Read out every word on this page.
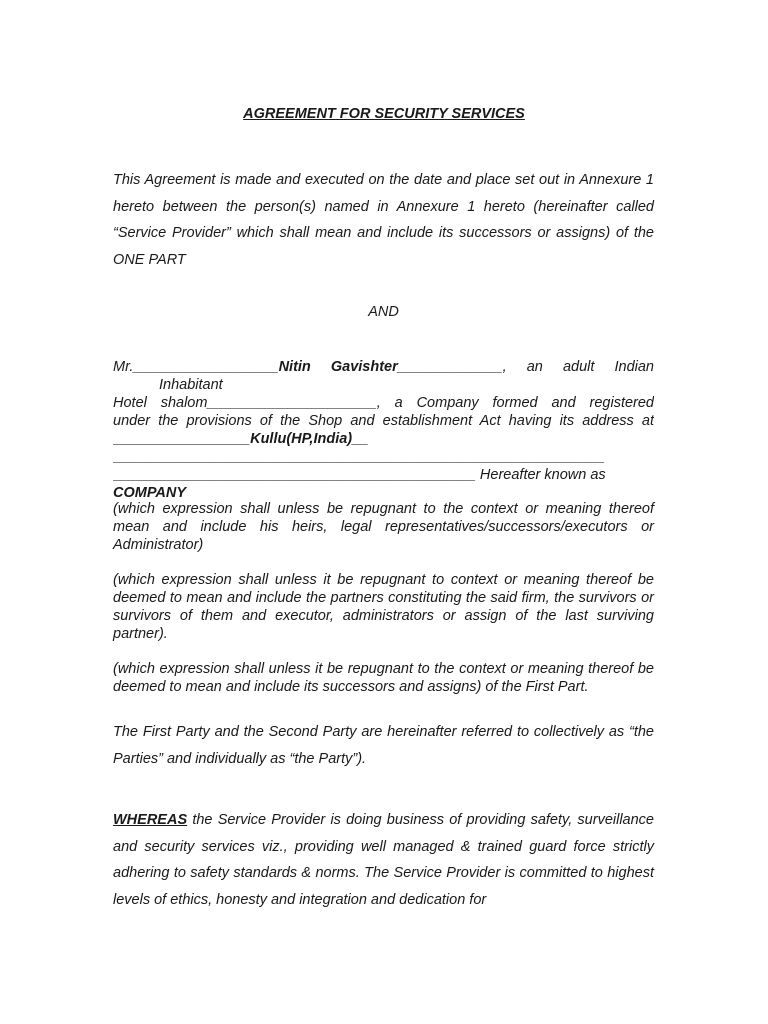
AGREEMENT FOR SECURITY SERVICES

This Agreement is made and executed on the date and place set out in Annexure 1 hereto between the person(s) named in Annexure 1 hereto (hereinafter called “Service Provider” which shall mean and include its successors or assigns) of the ONE PART

AND

Mr.__________________Nitin Gavishter_____________, an adult Indian
Inhabitant
Hotel shalom_____________________, a Company formed and registered
under the provisions of the Shop and establishment Act having its address at
_________________Kullu(HP,India)__
_____________________________________________________________
_____________________________________________ Hereafter known as
COMPANY

(which expression shall unless be repugnant to the context or meaning thereof mean and include his heirs, legal representatives/successors/executors or Administrator)

(which expression shall unless it be repugnant to context or meaning thereof be deemed to mean and include the partners constituting the said firm, the survivors or survivors of them and executor, administrators or assign of the last surviving partner).

(which expression shall unless it be repugnant to the context or meaning thereof be deemed to mean and include its successors and assigns) of the First Part.

The First Party and the Second Party are hereinafter referred to collectively as “the Parties” and individually as “the Party”).

WHEREAS the Service Provider is doing business of providing safety, surveillance and security services viz., providing well managed & trained guard force strictly adhering to safety standards & norms. The Service Provider is committed to highest levels of ethics, honesty and integration and dedication for
